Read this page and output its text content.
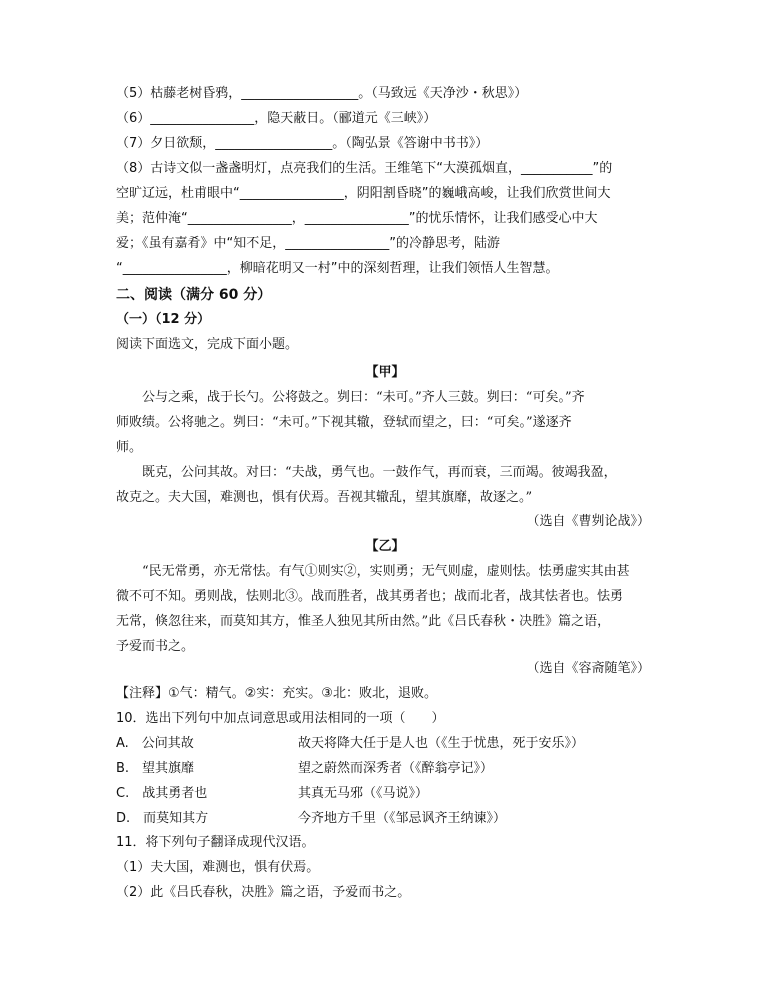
（5）枯藤老树昏鸦，__________________。（马致远《天净沙・秋思》）
（6）________________，隐天蔽日。（郦道元《三峡》）
（7）夕日欲颓，__________________。（陶弘景《答谢中书书》）
（8）古诗文似一盏盏明灯，点亮我们的生活。王维笔下“大漠孤烟直，___________”的
空旷辽远，杜甫眼中“________________，阴阳割昏晓”的巍峨高峻，让我们欣赏世间大
美；范仲淹“________________，________________”的忧乐情怀，让我们感受心中大
爱；《虽有嘉肴》中“知不足，________________”的冷静思考，陆游
“________________，柳暗花明又一村”中的深刻哲理，让我们领悟人生智慧。
二、阅读（满分 60 分）
（一）（12 分）
阅读下面选文，完成下面小题。
【甲】
公与之乘，战于长勺。公将鼓之。刿曰：“未可。”齐人三鼓。刿曰：“可矣。”齐
师败绩。公将驰之。刿曰：“未可。”下视其辙，登轼而望之，曰：“可矣。”遂逐齐
师。
既克，公问其故。对曰：“夫战，勇气也。一鼓作气，再而衰，三而竭。彼竭我盈，
故克之。夫大国，难测也，惧有伏焉。吾视其辙乱，望其旗靡，故逐之。”
（选自《曹刿论战》）
【乙】
“民无常勇，亦无常怯。有气①则实②，实则勇；无气则虚，虚则怯。怯勇虚实其由甚
微不可不知。勇则战，怯则北③。战而胜者，战其勇者也；战而北者，战其怯者也。怯勇
无常，倏忽往来，而莫知其方，惟圣人独见其所由然。”此《吕氏春秋・决胜》篇之语，
予爱而书之。
（选自《容斋随笔》）
【注释】①气：精气。②实：充实。③北：败北，退败。
10．选出下列句中加点词意思或用法相同的一项（　　）
A.　公问其故	故天将降大任于是人也（《生于忧患，死于安乐》）
B.　望其旗靡	望之蔚然而深秀者（《醉翁亭记》）
C.　战其勇者也	其真无马邪（《马说》）
D.　而莫知其方	今齐地方千里（《邹忌讽齐王纳谏》）
11．将下列句子翻译成现代汉语。
（1）夫大国，难测也，惧有伏焉。
（2）此《吕氏春秋，决胜》篇之语，予爱而书之。
